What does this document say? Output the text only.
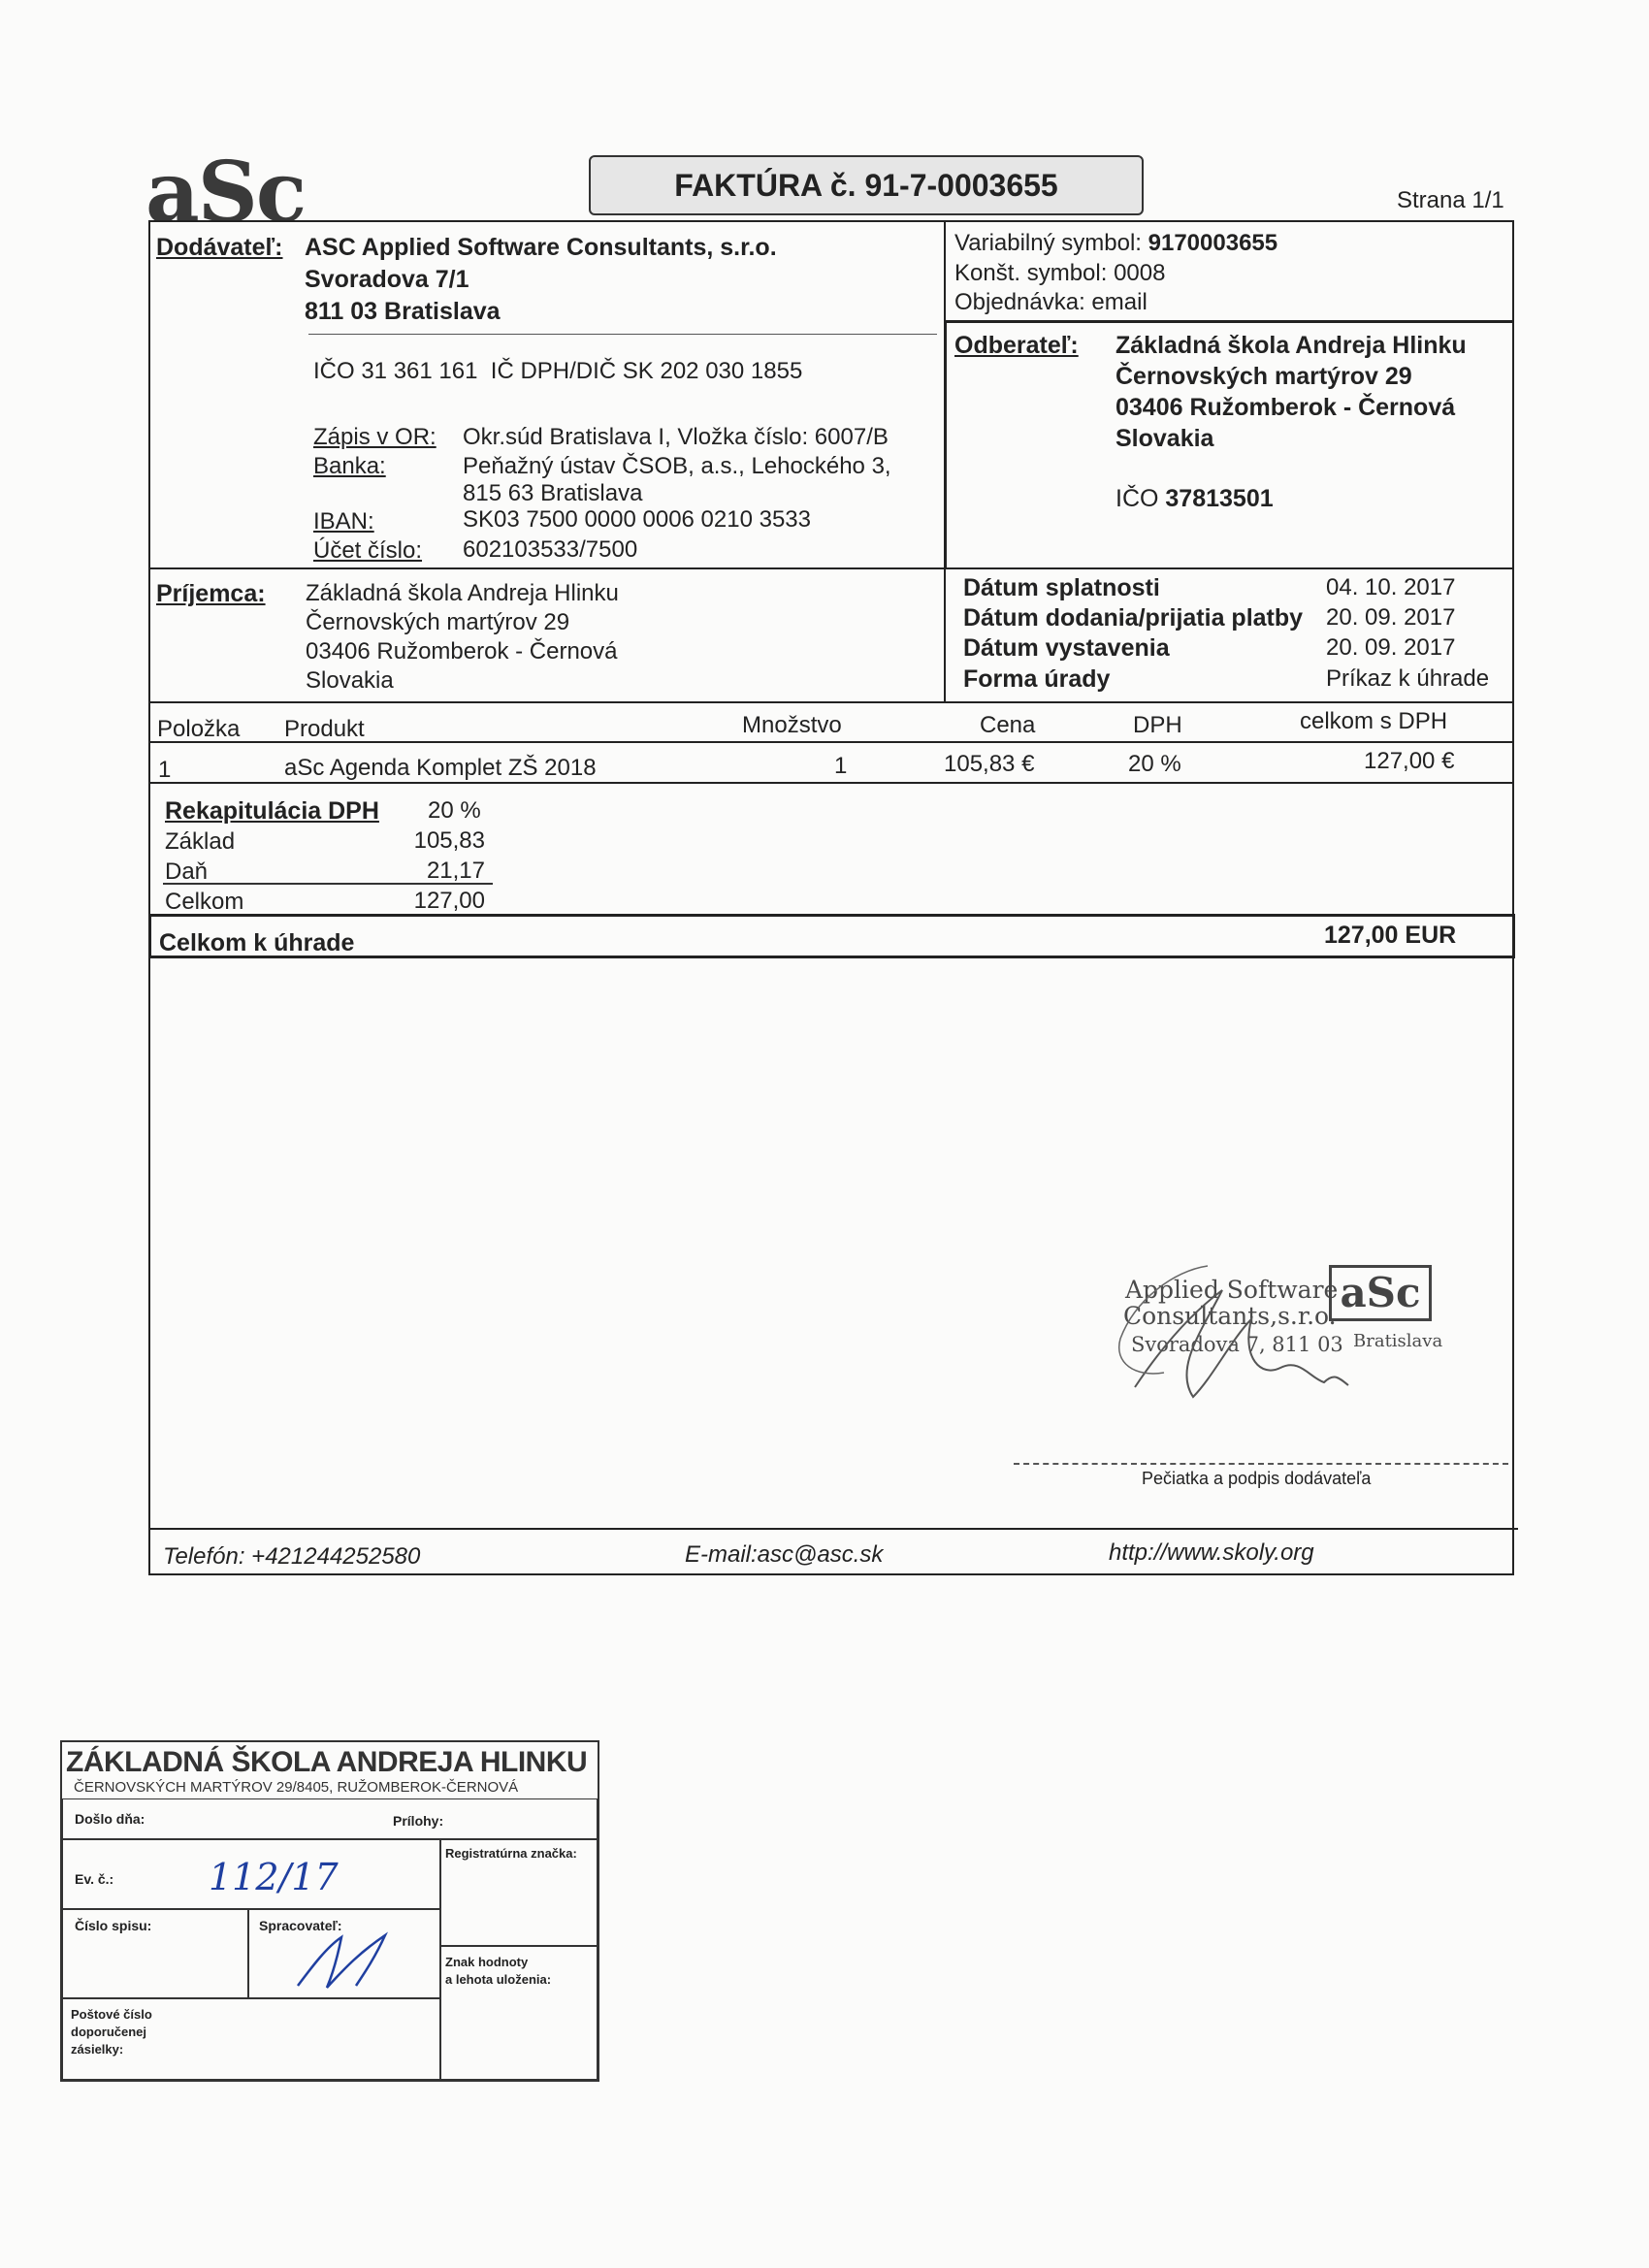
aSc	FAKTÚRA č. 91-7-0003655	Strana 1/1
Dodávateľ: ASC Applied Software Consultants, s.r.o.
Svoradova 7/1
811 03 Bratislava
IČO 31 361 161  IČ DPH/DIČ SK 202 030 1855
Zápis v OR: Okr.súd Bratislava I, Vložka číslo: 6007/B
Banka:	Peňažný ústav ČSOB, a.s., Lehockého 3,
815 63 Bratislava
IBAN:	SK03 7500 0000 0006 0210 3533
Účet číslo: 602103533/7500
Variabilný symbol: 9170003655
Konšt. symbol: 0008
Objednávka: email
Odberateľ: Základná škola Andreja Hlinku
Černovských martýrov 29
03406 Ružomberok - Černová
Slovakia
IČO 37813501
Príjemca: Základná škola Andreja Hlinku
Černovských martýrov 29
03406 Ružomberok - Černová
Slovakia
Dátum splatnosti	04. 10. 2017
Dátum dodania/prijatia platby 20. 09. 2017
Dátum vystavenia	20. 09. 2017
Forma úrady	Príkaz k úhrade
Položka Produkt	Množstvo	Cena	DPH	celkom s DPH
1	aSc Agenda Komplet ZŠ 2018	1	105,83 €	20 %	127,00 €
Rekapitulácia DPH 20 %
Základ	105,83
Daň	21,17
Celkom	127,00
Celkom k úhrade	127,00 EUR
Applied Software
Consultants,s.r.o.
Svoradova 7, 811 03 Bratislava
aSc
Pečiatka a podpis dodávateľa
Telefón: +421244252580	E-mail:asc@asc.sk	http://www.skoly.org
ZÁKLADNÁ ŠKOLA ANDREJA HLINKU
ČERNOVSKÝCH MARTÝROV 29/8405, RUŽOMBEROK-ČERNOVÁ
Došlo dňa:	Prílohy:
Ev. č.:	112/17
Registratúrna značka:
Číslo spisu:	Spracovateľ:
Znak hodnoty
a lehota uloženia:
Poštové číslo
doporučenej
zásielky:
